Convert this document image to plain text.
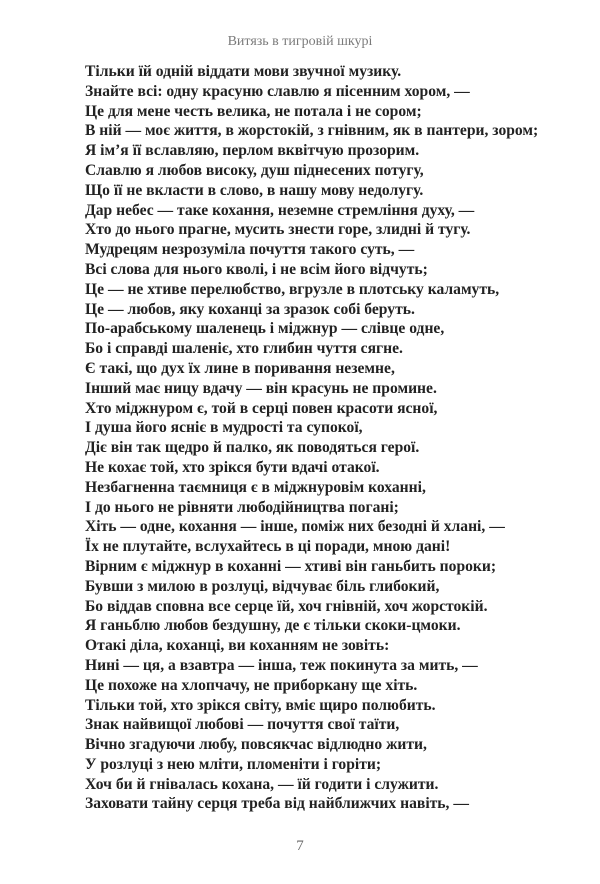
Витязь в тигровій шкурі
Тільки їй одній віддати мови звучної музику.
Знайте всі: одну красуню славлю я пісенним хором, —
Це для мене честь велика, не потала і не сором;
В ній — моє життя, в жорстокій, з гнівним, як в пантери, зором;
Я ім’я її вславляю, перлом вквітчую прозорим.
Славлю я любов високу, душ піднесених потугу,
Що її не вкласти в слово, в нашу мову недолугу.
Дар небес — таке кохання, неземне стремління духу, —
Хто до нього прагне, мусить знести горе, злидні й тугу.
Мудрецям незрозуміла почуття такого суть, —
Всі слова для нього кволі, і не всім його відчуть;
Це — не хтиве перелюбство, вгрузле в плотську каламуть,
Це — любов, яку коханці за зразок собі беруть.
По-арабському шаленець і міджнур — слівце одне,
Бо і справді шаленіє, хто глибин чуття сягне.
Є такі, що дух їх лине в поривання неземне,
Інший має ницу вдачу — він красунь не промине.
Хто міджнуром є, той в серці повен красоти ясної,
І душа його ясніє в мудрості та супокої,
Діє він так щедро й палко, як поводяться герої.
Не кохає той, хто зрікся бути вдачі отакої.
Незбагненна таємниця є в міджнуровім коханні,
І до нього не рівняти любодійництва погані;
Хіть — одне, кохання — інше, поміж них безодні й хлані, —
Їх не плутайте, вслухайтесь в ці поради, мною дані!
Вірним є міджнур в коханні — хтиві він ганьбить пороки;
Бувши з милою в розлуці, відчуває біль глибокий,
Бо віддав сповна все серце їй, хоч гнівній, хоч жорстокій.
Я ганьблю любов бездушну, де є тільки скоки-цмоки.
Отакі діла, коханці, ви коханням не зовіть:
Нині — ця, а взавтра — інша, теж покинута за мить, —
Це похоже на хлопчачу, не приборкану ще хіть.
Тільки той, хто зрікся світу, вміє щиро полюбить.
Знак найвищої любові — почуття свої таїти,
Вічно згадуючи любу, повсякчас відлюдно жити,
У розлуці з нею мліти, пломеніти і горіти;
Хоч би й гнівалась кохана, — їй годити і служити.
Заховати тайну серця треба від найближчих навіть, —
7
